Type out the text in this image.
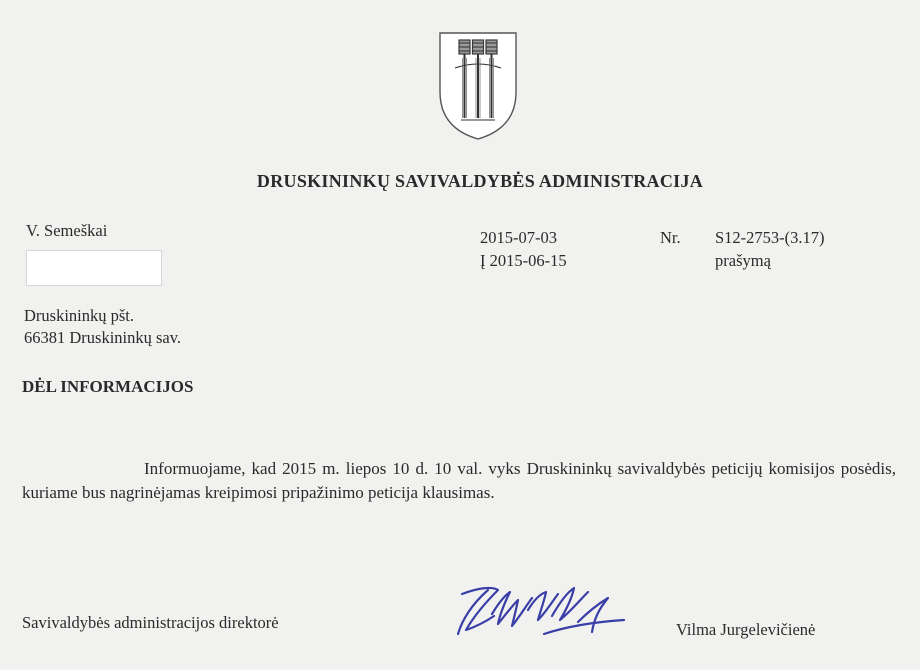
DRUSKININKŲ SAVIVALDYBĖS ADMINISTRACIJA
V. Semeškai
Druskininkų pšt.
66381 Druskininkų sav.
2015-07-03
Į 2015-06-15
Nr. S12-2753-(3.17)
prašymą
DĖL INFORMACIJOS
Informuojame, kad 2015 m. liepos 10 d. 10 val. vyks Druskininkų savivaldybės peticijų komisijos posėdis, kuriame bus nagrinėjamas kreipimosi pripažinimo peticija klausimas.
Savivaldybės administracijos direktorė	Vilma Jurgelevičienė
